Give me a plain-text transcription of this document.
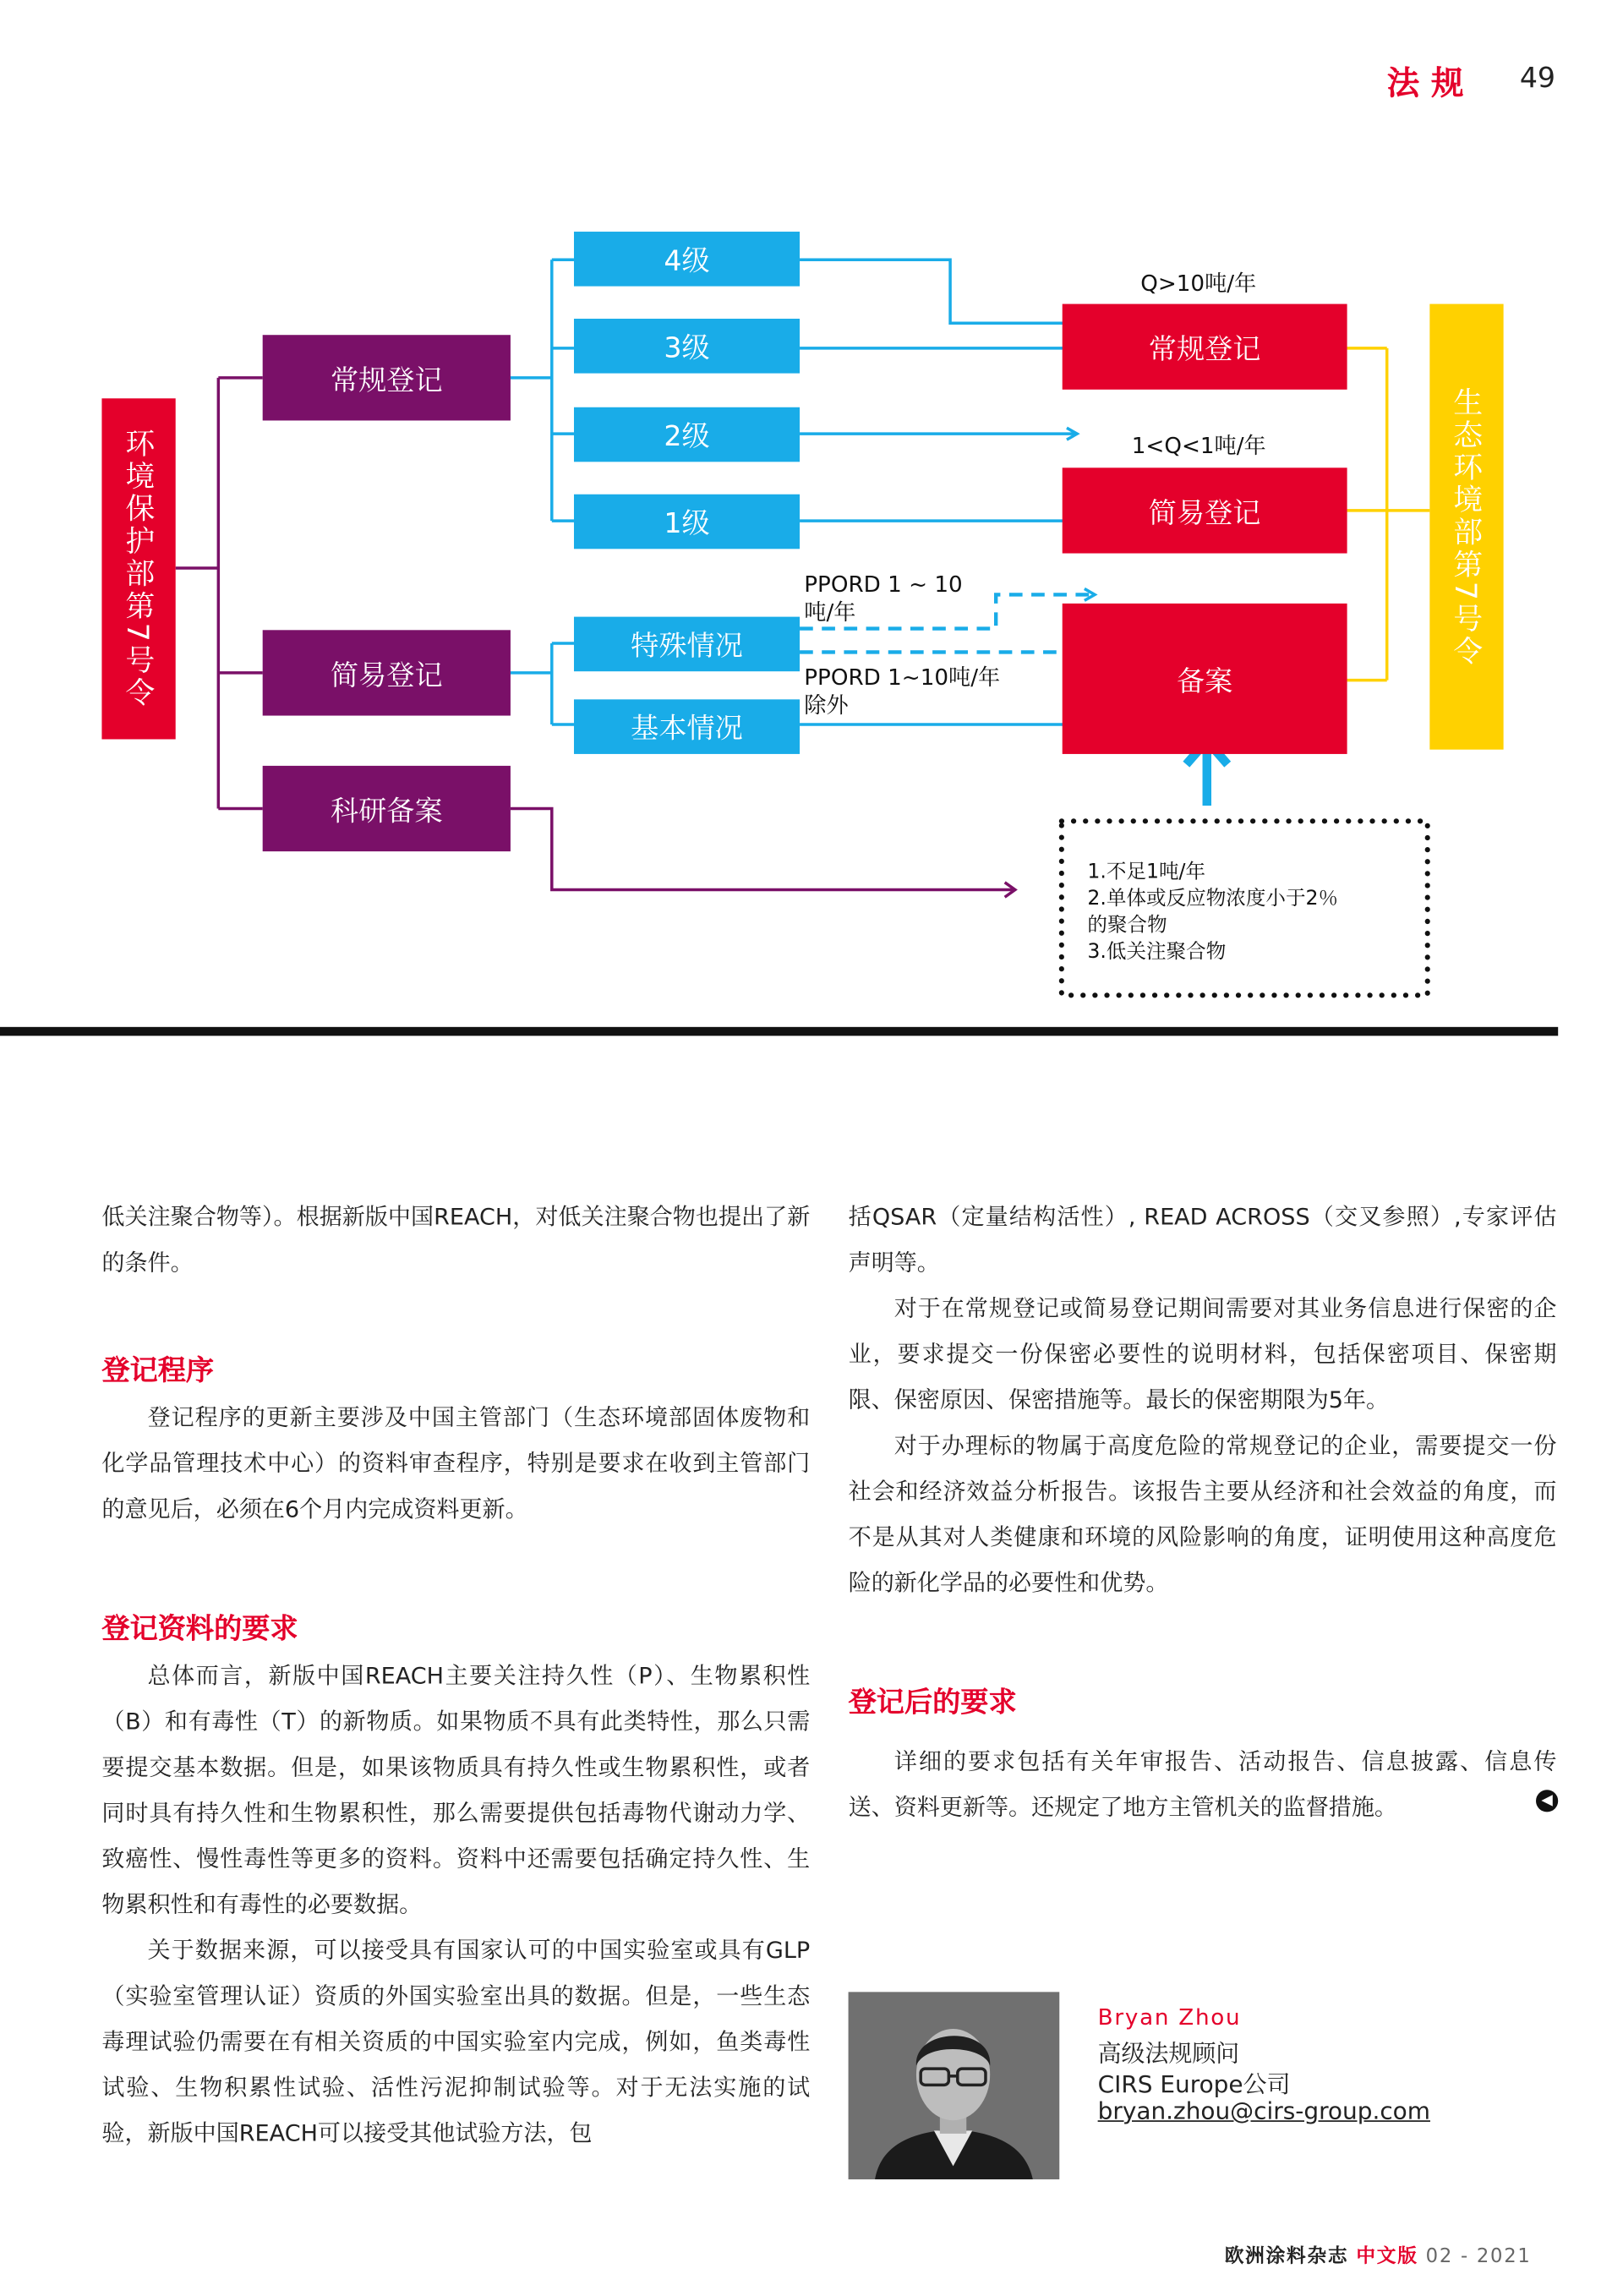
法规	49
环境保护部第7号令	生态环境部第7号令
常规登记
简易登记
科研备案
4级
3级
2级
1级
特殊情况
基本情况
常规登记
简易登记
备案
Q>10吨/年
1<Q<1吨/年
PPORD 1 ~ 10
吨/年
PPORD 1~10吨/年
除外
1.不足1吨/年
2.单体或反应物浓度小于2％
的聚合物
3.低关注聚合物

低关注聚合物等）。根据新版中国REACH，对低关注聚合物也提出了新的条件。

登记程序

登记程序的更新主要涉及中国主管部门（生态环境部固体废物和化学品管理技术中心）的资料审查程序，特别是要求在收到主管部门的意见后，必须在6个月内完成资料更新。

登记资料的要求

总体而言，新版中国REACH主要关注持久性（P）、生物累积性（B）和有毒性（T）的新物质。如果物质不具有此类特性，那么只需要提交基本数据。但是，如果该物质具有持久性或生物累积性，或者同时具有持久性和生物累积性，那么需要提供包括毒物代谢动力学、致癌性、慢性毒性等更多的资料。资料中还需要包括确定持久性、生物累积性和有毒性的必要数据。

关于数据来源，可以接受具有国家认可的中国实验室或具有GLP（实验室管理认证）资质的外国实验室出具的数据。但是，一些生态毒理试验仍需要在有相关资质的中国实验室内完成，例如，鱼类毒性试验、生物积累性试验、活性污泥抑制试验等。对于无法实施的试验，新版中国REACH可以接受其他试验方法，包

括QSAR（定量结构活性）, READ ACROSS（交叉参照）,专家评估声明等。

对于在常规登记或简易登记期间需要对其业务信息进行保密的企业，要求提交一份保密必要性的说明材料，包括保密项目、保密期限、保密原因、保密措施等。最长的保密期限为5年。

对于办理标的物属于高度危险的常规登记的企业，需要提交一份社会和经济效益分析报告。该报告主要从经济和社会效益的角度，而不是从其对人类健康和环境的风险影响的角度，证明使用这种高度危险的新化学品的必要性和优势。

登记后的要求

详细的要求包括有关年审报告、活动报告、信息披露、信息传送、资料更新等。还规定了地方主管机关的监督措施。	◀
Bryan Zhou
高级法规顾问
CIRS Europe公司
bryan.zhou@cirs-group.com
欧洲涂料杂志 中文版 02 - 2021
